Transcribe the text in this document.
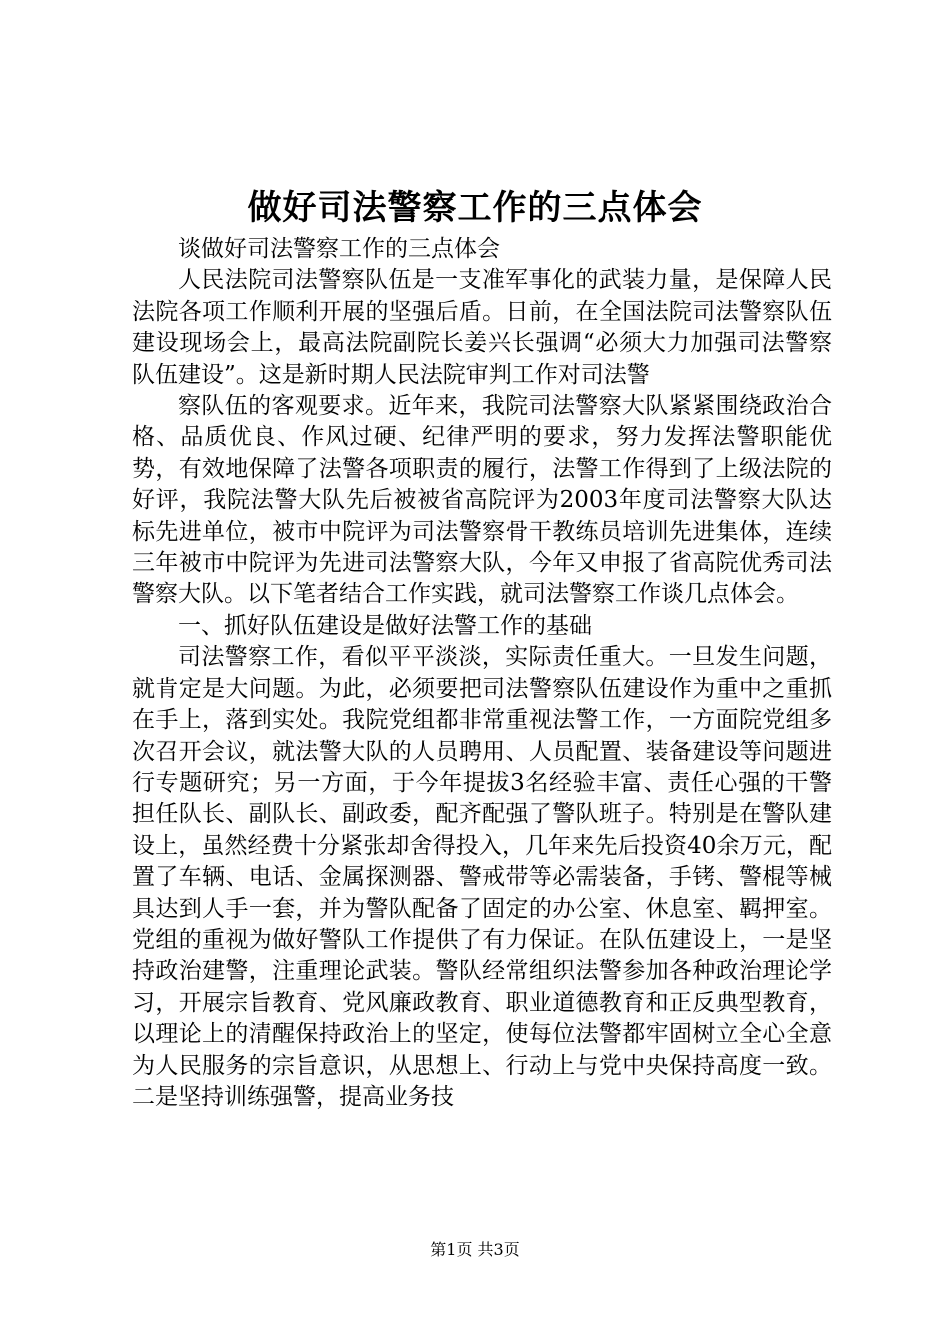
做好司法警察工作的三点体会

谈做好司法警察工作的三点体会

人民法院司法警察队伍是一支准军事化的武装力量，是保障人民法院各项工作顺利开展的坚强后盾。日前，在全国法院司法警察队伍建设现场会上，最高法院副院长姜兴长强调“必须大力加强司法警察队伍建设”。这是新时期人民法院审判工作对司法警

察队伍的客观要求。近年来，我院司法警察大队紧紧围绕政治合格、品质优良、作风过硬、纪律严明的要求，努力发挥法警职能优势，有效地保障了法警各项职责的履行，法警工作得到了上级法院的好评，我院法警大队先后被被省高院评为2003年度司法警察大队达标先进单位，被市中院评为司法警察骨干教练员培训先进集体，连续三年被市中院评为先进司法警察大队，今年又申报了省高院优秀司法警察大队。以下笔者结合工作实践，就司法警察工作谈几点体会。

一、抓好队伍建设是做好法警工作的基础

司法警察工作，看似平平淡淡，实际责任重大。一旦发生问题，就肯定是大问题。为此，必须要把司法警察队伍建设作为重中之重抓在手上，落到实处。我院党组都非常重视法警工作，一方面院党组多次召开会议，就法警大队的人员聘用、人员配置、装备建设等问题进行专题研究；另一方面，于今年提拔3名经验丰富、责任心强的干警担任队长、副队长、副政委，配齐配强了警队班子。特别是在警队建设上，虽然经费十分紧张却舍得投入，几年来先后投资40余万元，配置了车辆、电话、金属探测器、警戒带等必需装备，手铐、警棍等械具达到人手一套，并为警队配备了固定的办公室、休息室、羁押室。党组的重视为做好警队工作提供了有力保证。在队伍建设上，一是坚持政治建警，注重理论武装。警队经常组织法警参加各种政治理论学习，开展宗旨教育、党风廉政教育、职业道德教育和正反典型教育，以理论上的清醒保持政治上的坚定，使每位法警都牢固树立全心全意为人民服务的宗旨意识，从思想上、行动上与党中央保持高度一致。二是坚持训练强警，提高业务技

第1页 共3页
